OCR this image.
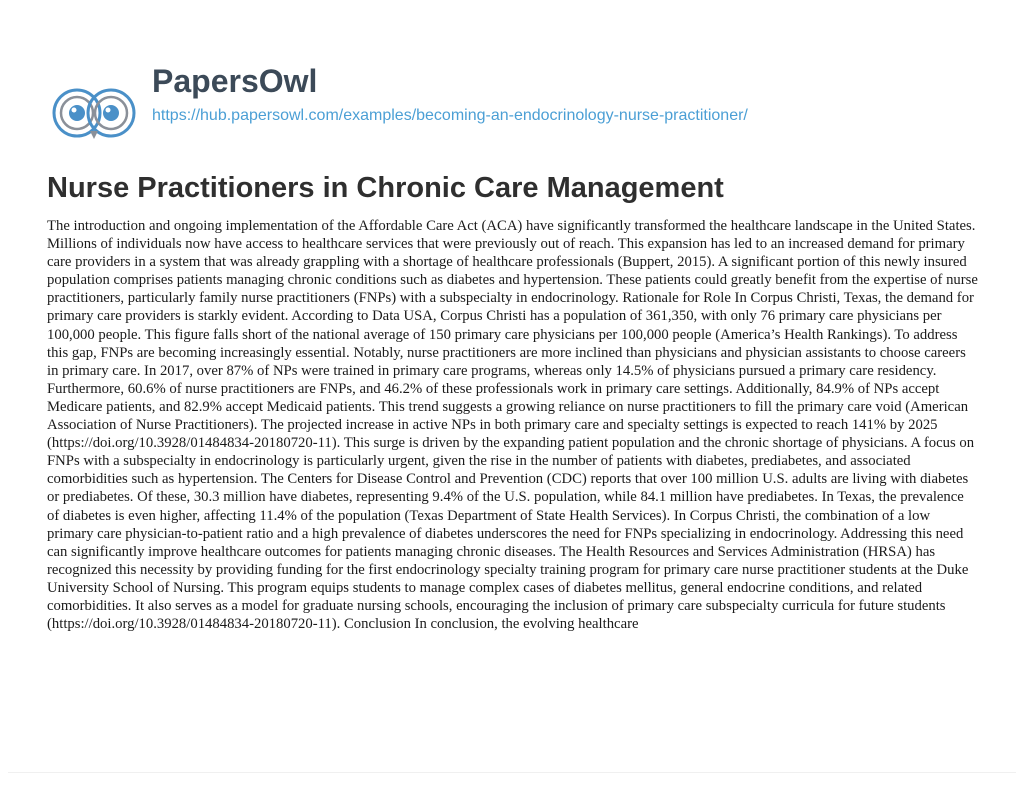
PapersOwl
https://hub.papersowl.com/examples/becoming-an-endocrinology-nurse-practitioner/
Nurse Practitioners in Chronic Care Management

The introduction and ongoing implementation of the Affordable Care Act (ACA) have significantly transformed the healthcare landscape in the United States. Millions of individuals now have access to healthcare services that were previously out of reach. This expansion has led to an increased demand for primary care providers in a system that was already grappling with a shortage of healthcare professionals (Buppert, 2015). A significant portion of this newly insured population comprises patients managing chronic conditions such as diabetes and hypertension. These patients could greatly benefit from the expertise of nurse practitioners, particularly family nurse practitioners (FNPs) with a subspecialty in endocrinology. Rationale for Role In Corpus Christi, Texas, the demand for primary care providers is starkly evident. According to Data USA, Corpus Christi has a population of 361,350, with only 76 primary care physicians per 100,000 people. This figure falls short of the national average of 150 primary care physicians per 100,000 people (America’s Health Rankings). To address this gap, FNPs are becoming increasingly essential. Notably, nurse practitioners are more inclined than physicians and physician assistants to choose careers in primary care. In 2017, over 87% of NPs were trained in primary care programs, whereas only 14.5% of physicians pursued a primary care residency. Furthermore, 60.6% of nurse practitioners are FNPs, and 46.2% of these professionals work in primary care settings. Additionally, 84.9% of NPs accept Medicare patients, and 82.9% accept Medicaid patients. This trend suggests a growing reliance on nurse practitioners to fill the primary care void (American Association of Nurse Practitioners). The projected increase in active NPs in both primary care and specialty settings is expected to reach 141% by 2025 (https://doi.org/10.3928/01484834-20180720-11). This surge is driven by the expanding patient population and the chronic shortage of physicians. A focus on FNPs with a subspecialty in endocrinology is particularly urgent, given the rise in the number of patients with diabetes, prediabetes, and associated comorbidities such as hypertension. The Centers for Disease Control and Prevention (CDC) reports that over 100 million U.S. adults are living with diabetes or prediabetes. Of these, 30.3 million have diabetes, representing 9.4% of the U.S. population, while 84.1 million have prediabetes. In Texas, the prevalence of diabetes is even higher, affecting 11.4% of the population (Texas Department of State Health Services). In Corpus Christi, the combination of a low primary care physician-to-patient ratio and a high prevalence of diabetes underscores the need for FNPs specializing in endocrinology. Addressing this need can significantly improve healthcare outcomes for patients managing chronic diseases. The Health Resources and Services Administration (HRSA) has recognized this necessity by providing funding for the first endocrinology specialty training program for primary care nurse practitioner students at the Duke University School of Nursing. This program equips students to manage complex cases of diabetes mellitus, general endocrine conditions, and related comorbidities. It also serves as a model for graduate nursing schools, encouraging the inclusion of primary care subspecialty curricula for future students (https://doi.org/10.3928/01484834-20180720-11). Conclusion In conclusion, the evolving healthcare
